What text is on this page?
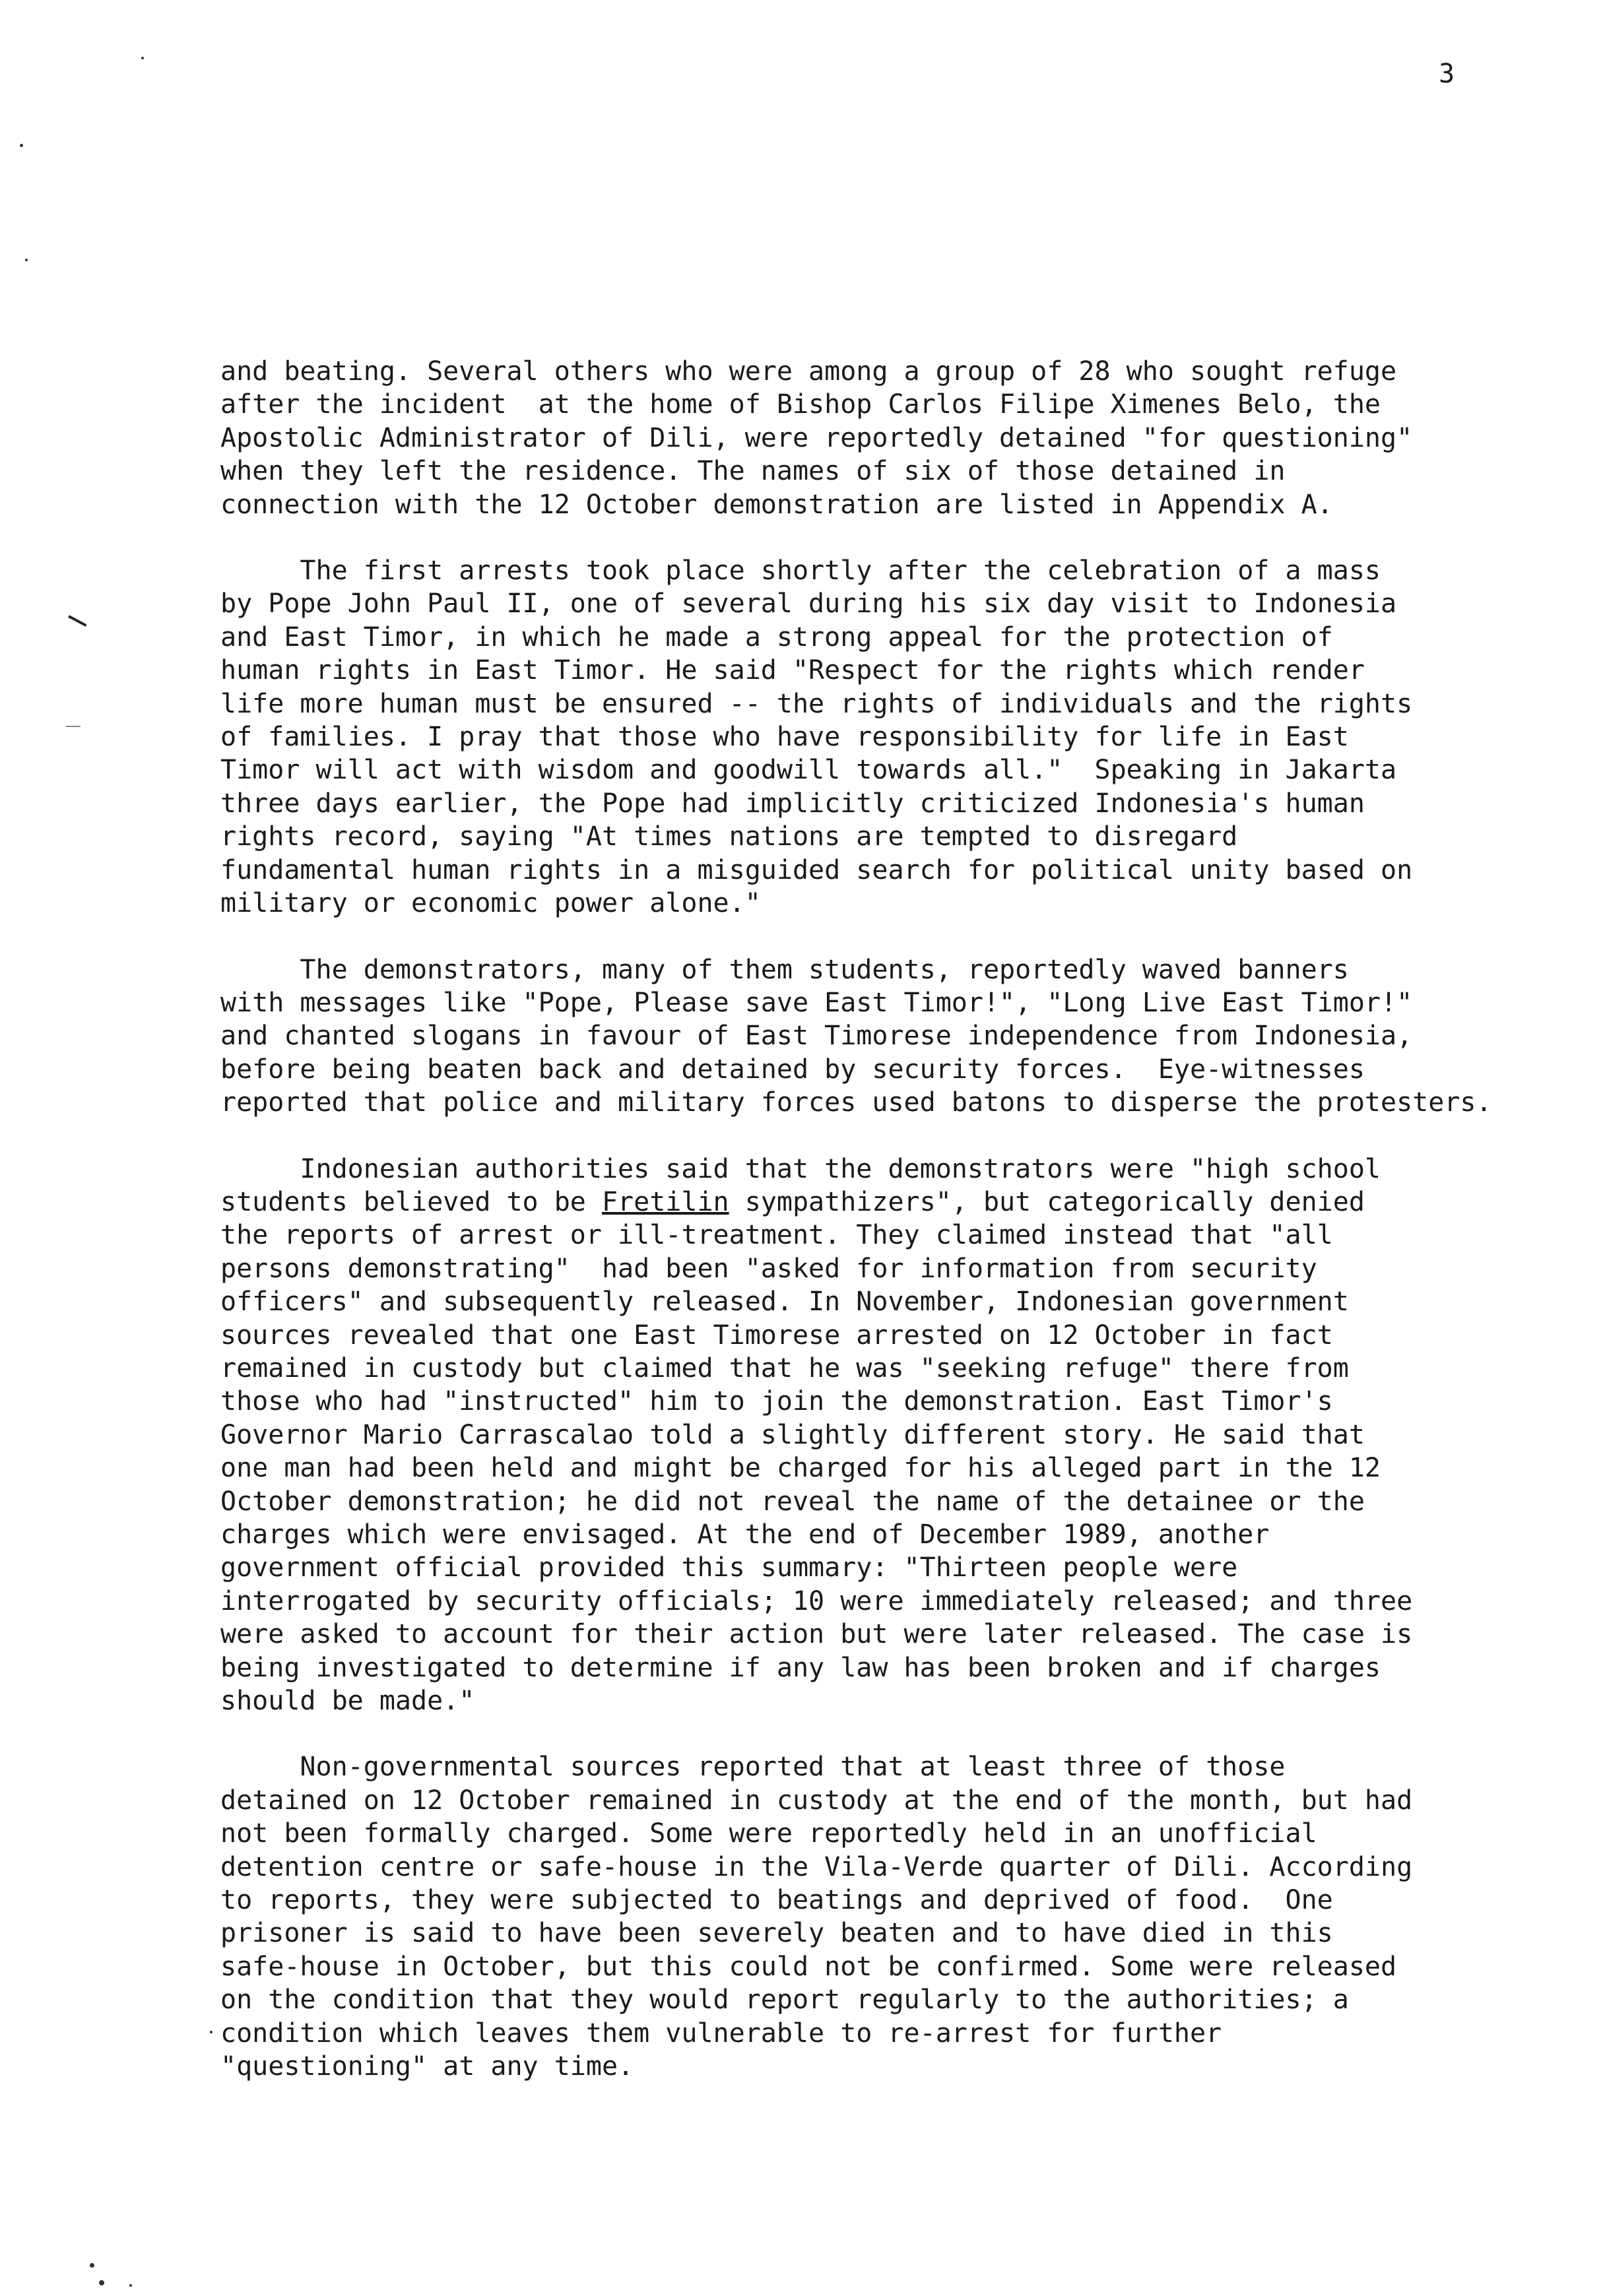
3
and beating. Several others who were among a group of 28 who sought refuge
after the incident  at the home of Bishop Carlos Filipe Ximenes Belo, the
Apostolic Administrator of Dili, were reportedly detained "for questioning"
when they left the residence. The names of six of those detained in
connection with the 12 October demonstration are listed in Appendix A.
The first arrests took place shortly after the celebration of a mass
by Pope John Paul II, one of several during his six day visit to Indonesia
and East Timor, in which he made a strong appeal for the protection of
human rights in East Timor. He said "Respect for the rights which render
life more human must be ensured -- the rights of individuals and the rights
of families. I pray that those who have responsibility for life in East
Timor will act with wisdom and goodwill towards all."  Speaking in Jakarta
three days earlier, the Pope had implicitly criticized Indonesia's human
rights record, saying "At times nations are tempted to disregard
fundamental human rights in a misguided search for political unity based on
military or economic power alone."
The demonstrators, many of them students, reportedly waved banners
with messages like "Pope, Please save East Timor!", "Long Live East Timor!"
and chanted slogans in favour of East Timorese independence from Indonesia,
before being beaten back and detained by security forces.  Eye-witnesses
reported that police and military forces used batons to disperse the protesters.
Indonesian authorities said that the demonstrators were "high school
students believed to be Fretilin sympathizers", but categorically denied
the reports of arrest or ill-treatment. They claimed instead that "all
persons demonstrating"  had been "asked for information from security
officers" and subsequently released. In November, Indonesian government
sources revealed that one East Timorese arrested on 12 October in fact
remained in custody but claimed that he was "seeking refuge" there from
those who had "instructed" him to join the demonstration. East Timor's
Governor Mario Carrascalao told a slightly different story. He said that
one man had been held and might be charged for his alleged part in the 12
October demonstration; he did not reveal the name of the detainee or the
charges which were envisaged. At the end of December 1989, another
government official provided this summary: "Thirteen people were
interrogated by security officials; 10 were immediately released; and three
were asked to account for their action but were later released. The case is
being investigated to determine if any law has been broken and if charges
should be made."
Non-governmental sources reported that at least three of those
detained on 12 October remained in custody at the end of the month, but had
not been formally charged. Some were reportedly held in an unofficial
detention centre or safe-house in the Vila-Verde quarter of Dili. According
to reports, they were subjected to beatings and deprived of food.  One
prisoner is said to have been severely beaten and to have died in this
safe-house in October, but this could not be confirmed. Some were released
on the condition that they would report regularly to the authorities; a
condition which leaves them vulnerable to re-arrest for further
"questioning" at any time.
